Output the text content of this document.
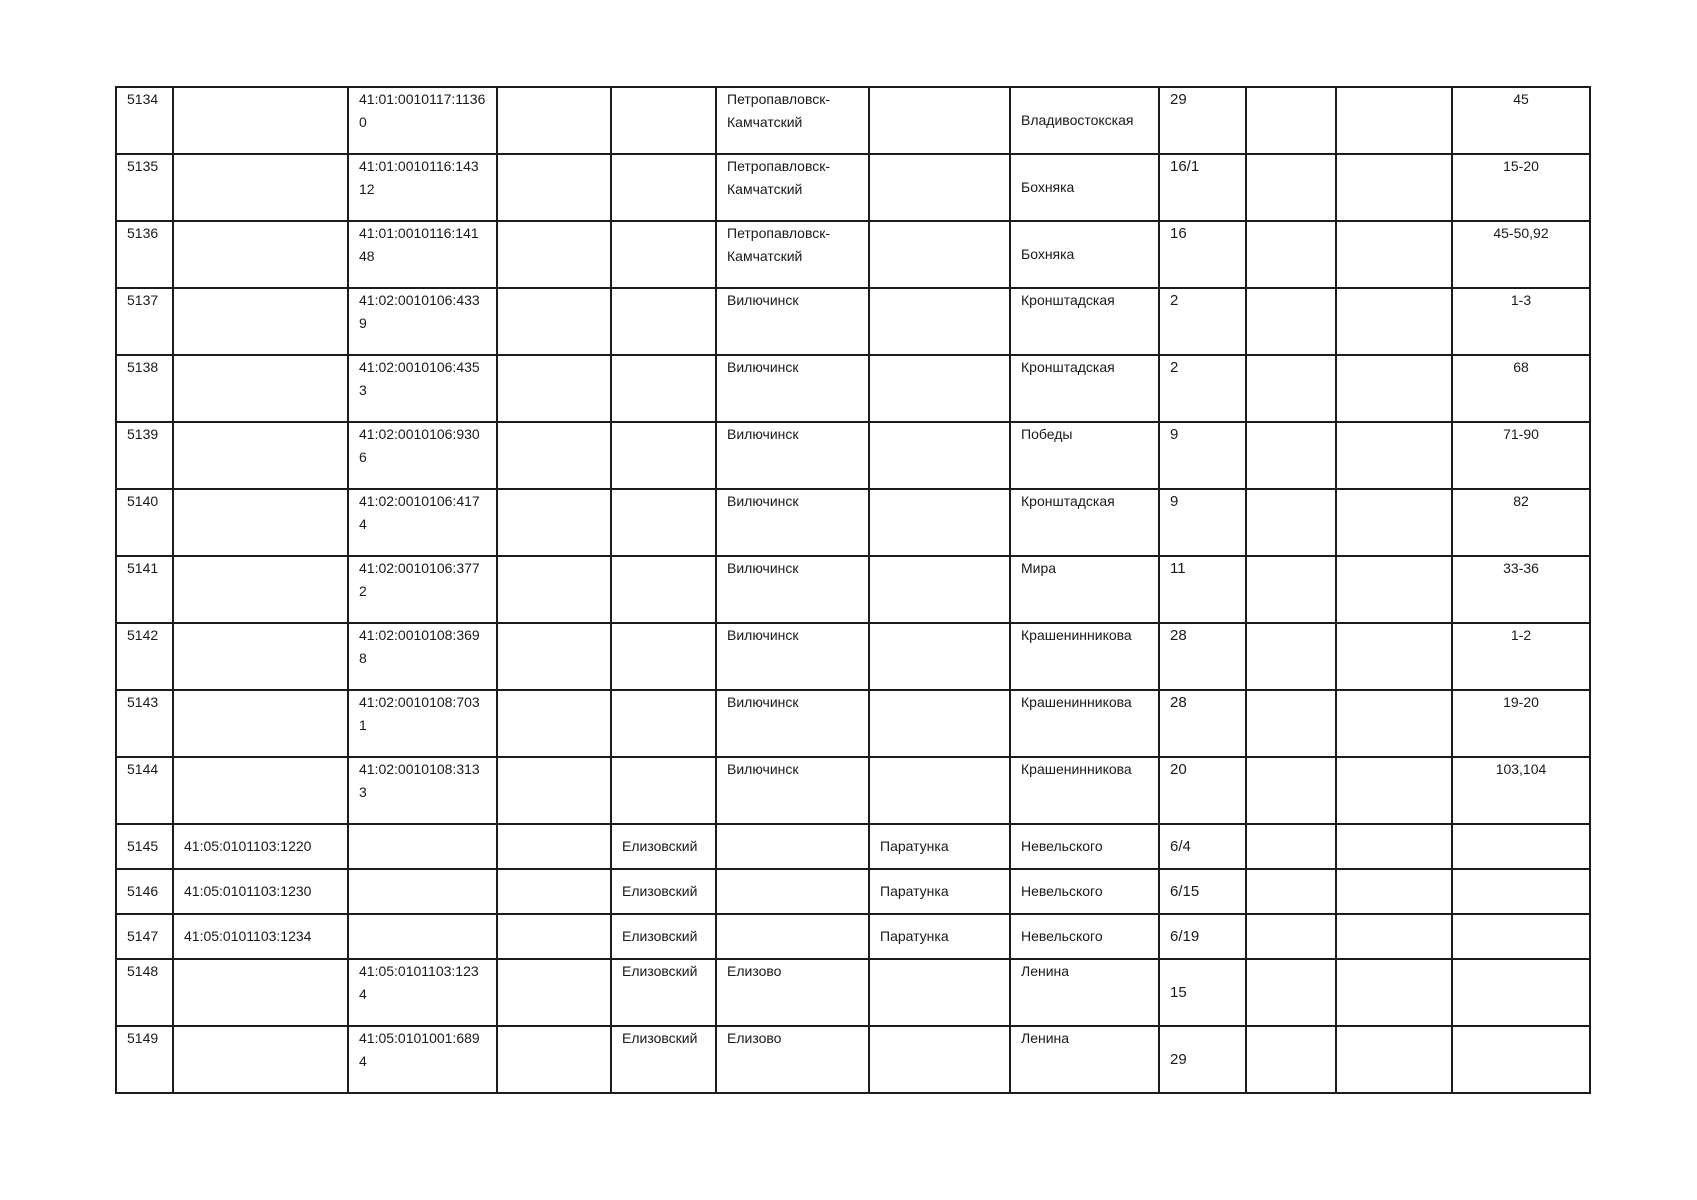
5134		41:01:0010117:11360			Петропавловск-Камчатский		Владивостокская	29			45
5135		41:01:0010116:14312			Петропавловск-Камчатский		Бохняка	16/1			15-20
5136		41:01:0010116:14148			Петропавловск-Камчатский		Бохняка	16			45-50,92
5137		41:02:0010106:4339			Вилючинск		Кронштадская	2			1-3
5138		41:02:0010106:4353			Вилючинск		Кронштадская	2			68
5139		41:02:0010106:9306			Вилючинск		Победы	9			71-90
5140		41:02:0010106:4174			Вилючинск		Кронштадская	9			82
5141		41:02:0010106:3772			Вилючинск		Мира	11			33-36
5142		41:02:0010108:3698			Вилючинск		Крашенинникова	28			1-2
5143		41:02:0010108:7031			Вилючинск		Крашенинникова	28			19-20
5144		41:02:0010108:3133			Вилючинск		Крашенинникова	20			103,104
5145	41:05:0101103:1220			Елизовский		Паратунка	Невельского	6/4			
5146	41:05:0101103:1230			Елизовский		Паратунка	Невельского	6/15			
5147	41:05:0101103:1234			Елизовский		Паратунка	Невельского	6/19			
5148		41:05:0101103:1234		Елизовский	Елизово		Ленина	15			
5149		41:05:0101001:6894		Елизовский	Елизово		Ленина	29			
